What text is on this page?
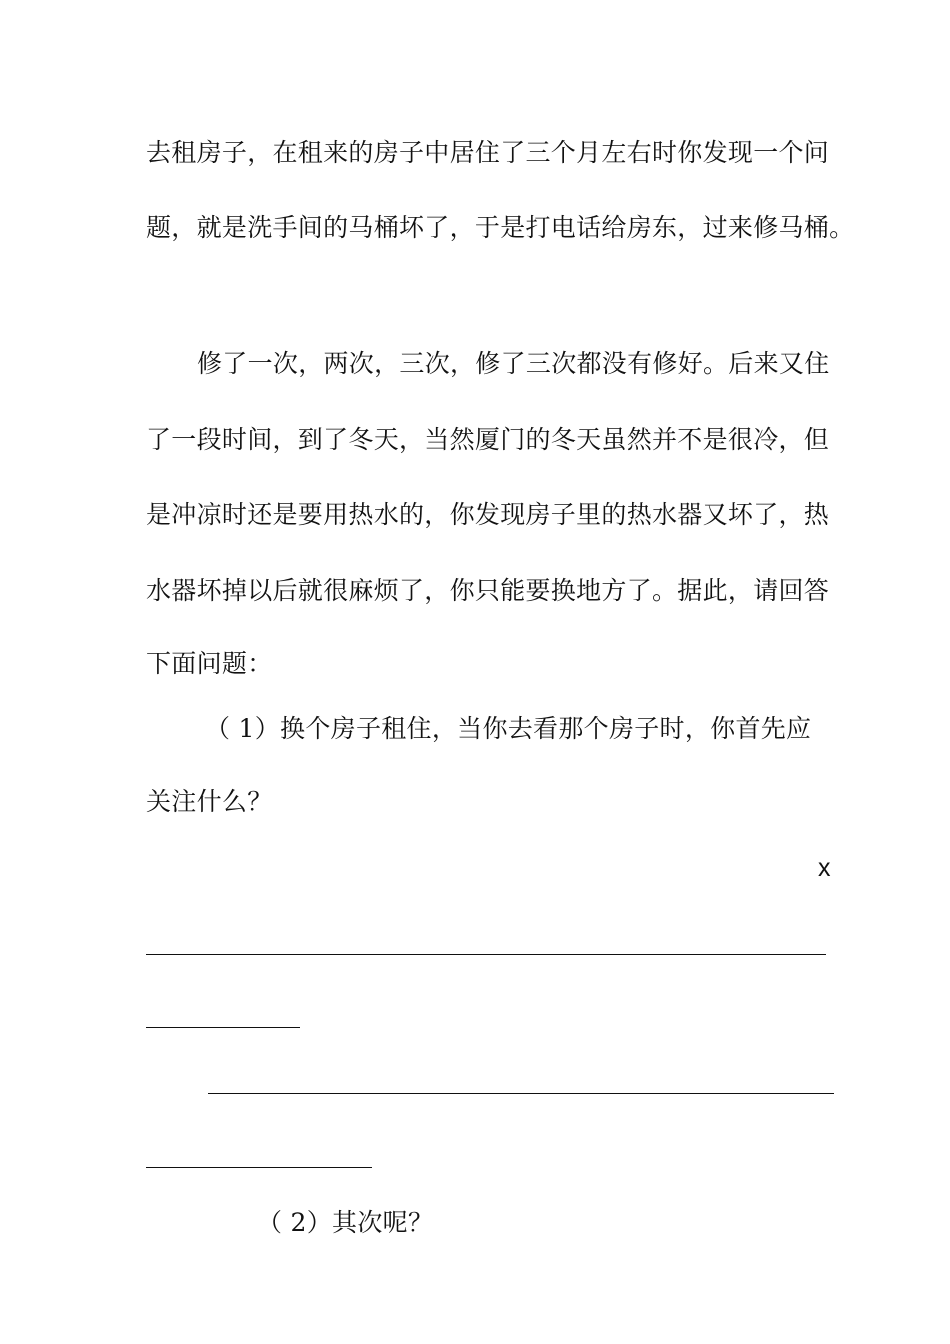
去租房子，在租来的房子中居住了三个月左右时你发现一个问
题，就是洗手间的马桶坏了，于是打电话给房东，过来修马桶。
修了一次，两次，三次，修了三次都没有修好。后来又住
了一段时间，到了冬天，当然厦门的冬天虽然并不是很冷，但
是冲凉时还是要用热水的，你发现房子里的热水器又坏了，热
水器坏掉以后就很麻烦了，你只能要换地方了。据此，请回答
下面问题：
（ 1）换个房子租住，当你去看那个房子时，你首先应
关注什么？
x
（ 2）其次呢？
